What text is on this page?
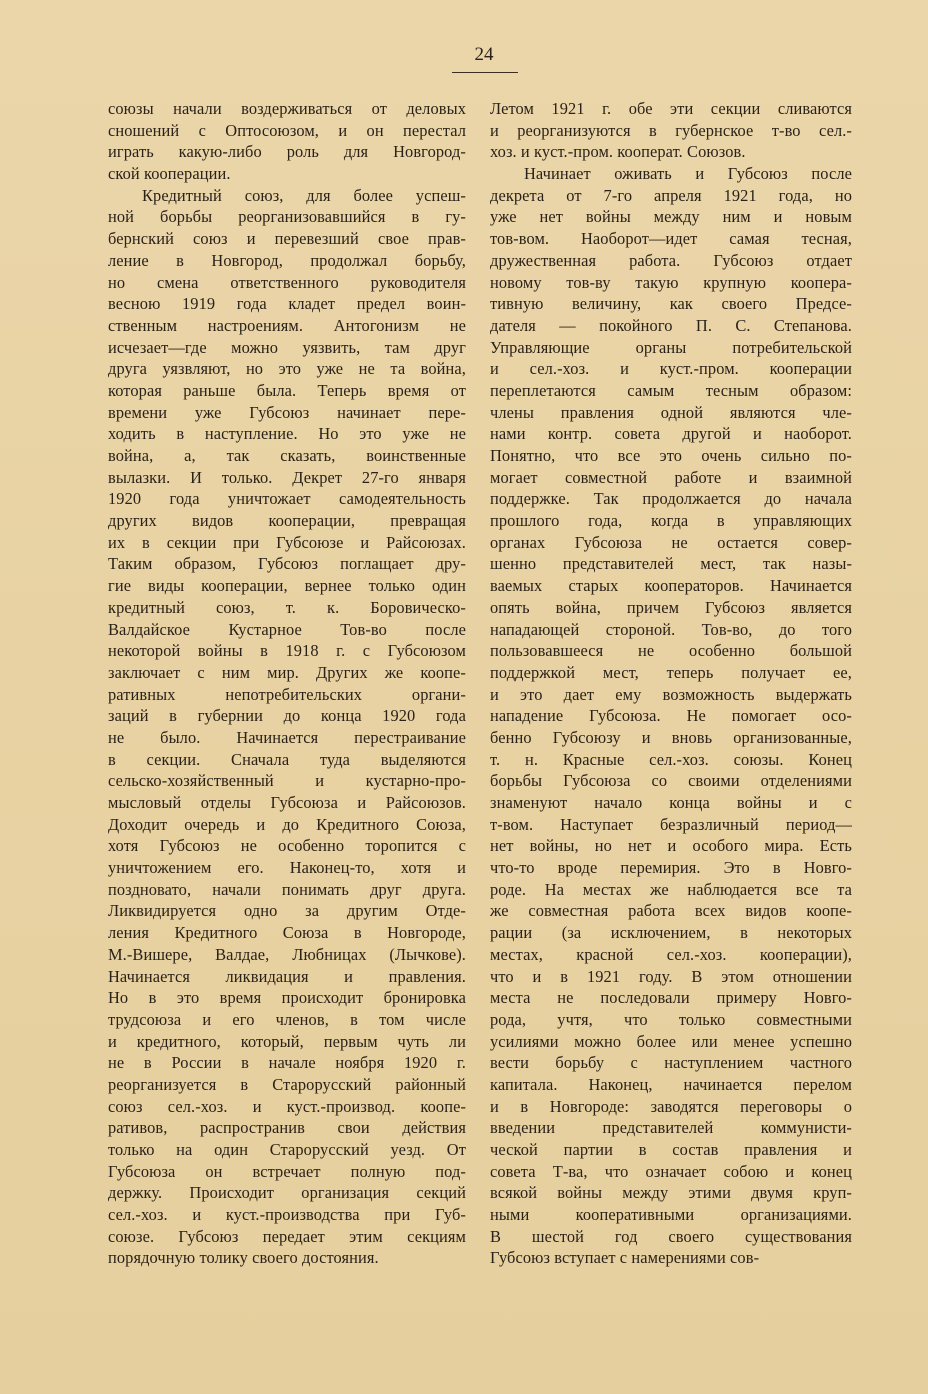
24
союзы начали воздерживаться от деловых
сношений с Оптосоюзом, и он перестал
играть какую-либо роль для Новгород-
ской кооперации.
Кредитный союз, для более успеш-
ной борьбы реорганизовавшийся в гу-
бернский союз и перевезший свое прав-
ление в Новгород, продолжал борьбу,
но смена ответственного руководителя
весною 1919 года кладет предел воин-
ственным настроениям. Антогонизм не
исчезает—где можно уязвить, там друг
друга уязвляют, но это уже не та война,
которая раньше была. Теперь время от
времени уже Губсоюз начинает пере-
ходить в наступление. Но это уже не
война, а, так сказать, воинственные
вылазки. И только. Декрет 27-го января
1920 года уничтожает самодеятельность
других видов кооперации, превращая
их в секции при Губсоюзе и Райсоюзах.
Таким образом, Губсоюз поглащает дру-
гие виды кооперации, вернее только один
кредитный союз, т. к. Боровическо-
Валдайское Кустарное Тов-во после
некоторой войны в 1918 г. с Губсоюзом
заключает с ним мир. Других же коопе-
ративных непотребительских органи-
заций в губернии до конца 1920 года
не было. Начинается перестраивание
в секции. Сначала туда выделяются
сельско-хозяйственный и кустарно-про-
мысловый отделы Губсоюза и Райсоюзов.
Доходит очередь и до Кредитного Союза,
хотя Губсоюз не особенно торопится с
уничтожением его. Наконец-то, хотя и
поздновато, начали понимать друг друга.
Ликвидируется одно за другим Отде-
ления Кредитного Союза в Новгороде,
М.-Вишере, Валдае, Любницах (Лычкове).
Начинается ликвидация и правления.
Но в это время происходит бронировка
трудсоюза и его членов, в том числе
и кредитного, который, первым чуть ли
не в России в начале ноября 1920 г.
реорганизуется в Старорусский районный
союз сел.-хоз. и куст.-производ. коопе-
ративов, распространив свои действия
только на один Старорусский уезд. От
Губсоюза он встречает полную под-
держку. Происходит организация секций
сел.-хоз. и куст.-производства при Губ-
союзе. Губсоюз передает этим секциям
порядочную толику своего достояния.
Летом 1921 г. обе эти секции сливаются
и реорганизуются в губернское т-во сел.-
хоз. и куст.-пром. кооперат. Союзов.
Начинает оживать и Губсоюз после
декрета от 7-го апреля 1921 года, но
уже нет войны между ним и новым
тов-вом. Наоборот—идет самая тесная,
дружественная работа. Губсоюз отдает
новому тов-ву такую крупную коопера-
тивную величину, как своего Предсе-
дателя — покойного П. С. Степанова.
Управляющие органы потребительской
и сел.-хоз. и куст.-пром. кооперации
переплетаются самым тесным образом:
члены правления одной являются чле-
нами контр. совета другой и наоборот.
Понятно, что все это очень сильно по-
могает совместной работе и взаимной
поддержке. Так продолжается до начала
прошлого года, когда в управляющих
органах Губсоюза не остается совер-
шенно представителей мест, так назы-
ваемых старых кооператоров. Начинается
опять война, причем Губсоюз является
нападающей стороной. Тов-во, до того
пользовавшееся не особенно большой
поддержкой мест, теперь получает ее,
и это дает ему возможность выдержать
нападение Губсоюза. Не помогает осо-
бенно Губсоюзу и вновь организованные,
т. н. Красные сел.-хоз. союзы. Конец
борьбы Губсоюза со своими отделениями
знаменуют начало конца войны и с
т-вом. Наступает безразличный период—
нет войны, но нет и особого мира. Есть
что-то вроде перемирия. Это в Новго-
роде. На местах же наблюдается все та
же совместная работа всех видов коопе-
рации (за исключением, в некоторых
местах, красной сел.-хоз. кооперации),
что и в 1921 году. В этом отношении
места не последовали примеру Новго-
рода, учтя, что только совместными
усилиями можно более или менее успешно
вести борьбу с наступлением частного
капитала. Наконец, начинается перелом
и в Новгороде: заводятся переговоры о
введении представителей коммунисти-
ческой партии в состав правления и
совета Т-ва, что означает собою и конец
всякой войны между этими двумя круп-
ными кооперативными организациями.
В шестой год своего существования
Губсоюз вступает с намерениями сов-
